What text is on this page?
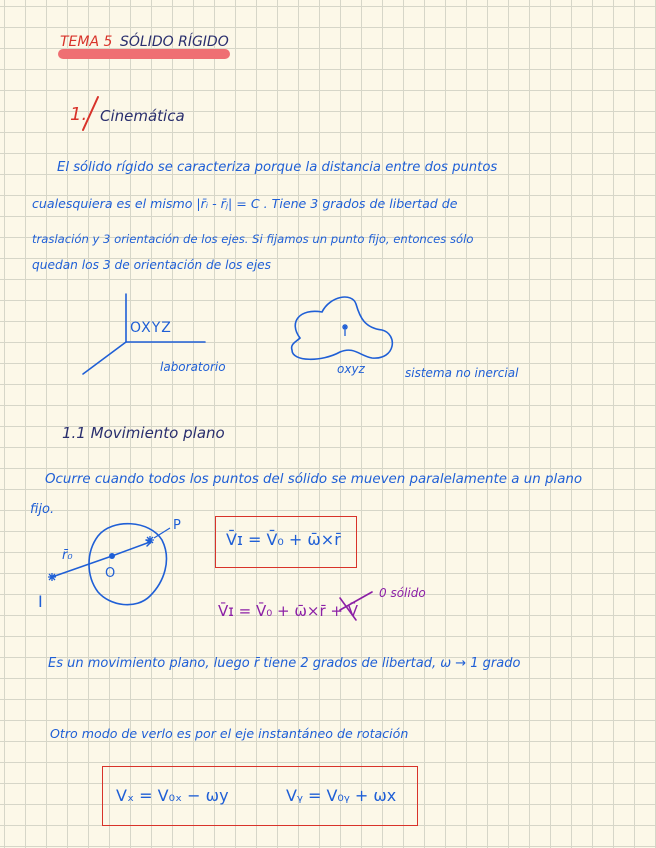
TEMA 5 SÓLIDO RÍGIDO
1. Cinemática
El sólido rígido se caracteriza porque la distancia entre dos puntos
cualesquiera es el mismo |r̄ᵢ - r̄ⱼ| = C . Tiene 3 grados de libertad de
traslación y 3 orientación de los ejes. Si fijamos un punto fijo, entonces sólo
quedan los 3 de orientación de los ejes
OXYZ
laboratorio	oxyz	sistema no inercial
1.1 Movimiento plano
Ocurre cuando todos los puntos del sólido se mueven paralelamente a un plano
fijo.
P
r̄₀
O
I
V̄ɪ = V̄₀ + ω̄×r̄
V̄ɪ = V̄₀ + ω̄×r̄ + V̄
0 sólido
Es un movimiento plano, luego r̄ tiene 2 grados de libertad, ω → 1 grado
Otro modo de verlo es por el eje instantáneo de rotación
Vₓ = V₀ₓ − ωy	Vᵧ = V₀ᵧ + ωx
